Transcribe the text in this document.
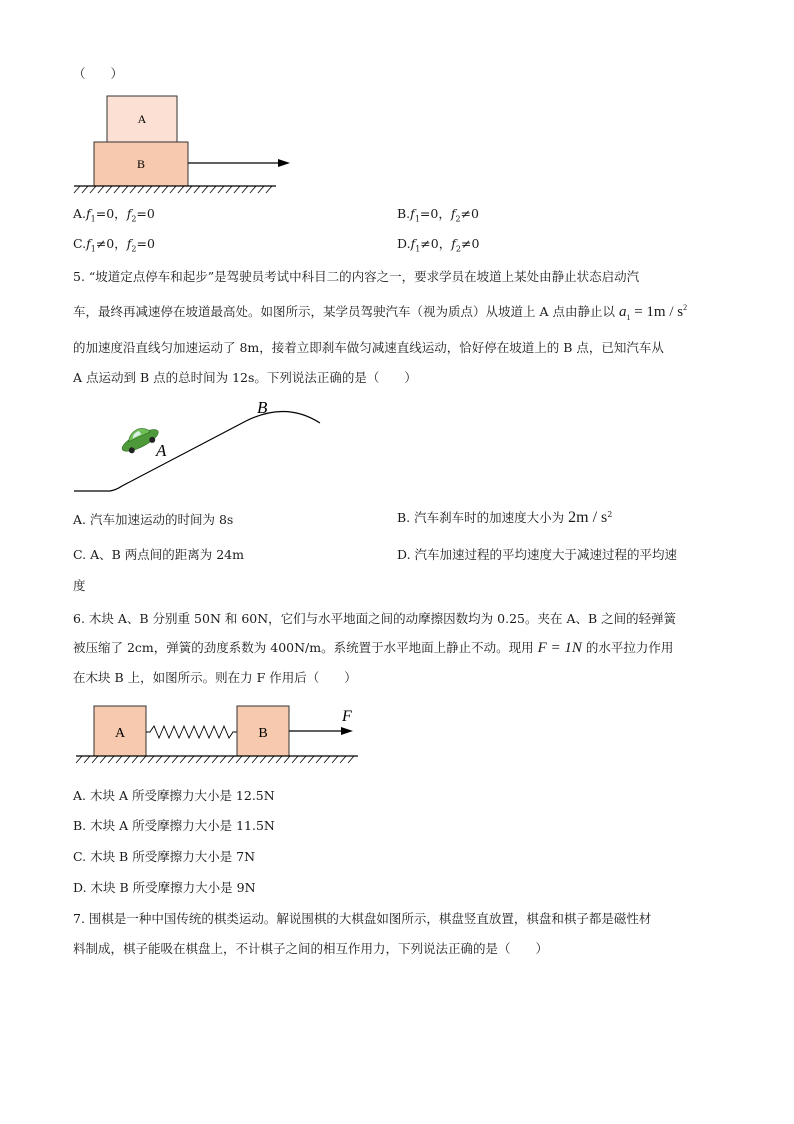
（　　）
A
B
$A.f_1=0$，$f_2=0$	$B.f_1=0$，$f_2\ne 0$
$C.f_1\ne 0$，$f_2=0$	$D.f_1\ne 0$，$f_2\ne 0$
5. “坡道定点停车和起步”是驾驶员考试中科目二的内容之一，要求学员在坡道上某处由静止状态启动汽
车，最终再减速停在坡道最高处。如图所示，某学员驾驶汽车（视为质点）从坡道上 A 点由静止以 $a_1 = 1m / s^2$
的加速度沿直线匀加速运动了 8m，接着立即刹车做匀减速直线运动，恰好停在坡道上的 B 点，已知汽车从
A 点运动到 B 点的总时间为 12s。下列说法正确的是（　　）
A
B
A. 汽车加速运动的时间为 8s	B. 汽车刹车时的加速度大小为 $2m / s^2$
C. A、B 两点间的距离为 24m	D. 汽车加速过程的平均速度大于减速过程的平均速
度
6. 木块 A、B 分别重 50N 和 60N，它们与水平地面之间的动摩擦因数均为 0.25。夹在 A、B 之间的轻弹簧
被压缩了 2cm，弹簧的劲度系数为 400N/m。系统置于水平地面上静止不动。现用 F = 1N 的水平拉力作用
在木块 B 上，如图所示。则在力 F 作用后（　　）
A	B
F
A. 木块 A 所受摩擦力大小是 12.5N
B. 木块 A 所受摩擦力大小是 11.5N
C. 木块 B 所受摩擦力大小是 7N
D. 木块 B 所受摩擦力大小是 9N
7. 围棋是一种中国传统的棋类运动。解说围棋的大棋盘如图所示，棋盘竖直放置，棋盘和棋子都是磁性材
料制成，棋子能吸在棋盘上，不计棋子之间的相互作用力，下列说法正确的是（　　）
